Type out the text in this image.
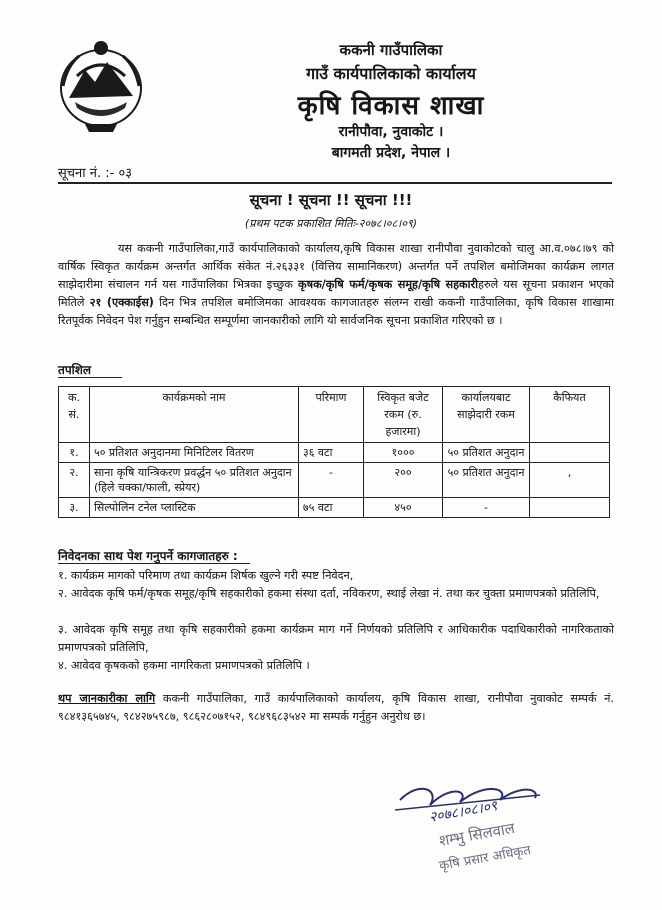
ककनी गाउँपालिका
गाउँ कार्यपालिकाको कार्यालय
कृषि विकास शाखा
रानीपौवा, नुवाकोट ।
बागमती प्रदेश, नेपाल ।
सूचना नं. :- ०३
सूचना ! सूचना !! सूचना !!!
(प्रथम पटक प्रकाशित मितिः-२०७८।०८।०९)
यस ककनी गाउँपालिका,गाउँ कार्यपालिकाको कार्यालय,कृषि विकास शाखा रानीपौवा नुवाकोटको चालु आ.व.०७८।७९ को वार्षिक स्विकृत कार्यक्रम अन्तर्गत आर्थिक संकेत नं.२६३३१ (वित्तिय सामानिकरण) अन्तर्गत पर्ने तपशिल बमोजिमका कार्यक्रम लागत साझेदारीमा संचालन गर्न यस गाउँपालिका भित्रका इच्छुक कृषक/कृषि फर्म/कृषक समूह/कृषि सहकारीहरुले यस सूचना प्रकाशन भएको मितिले २१ (एक्काईस) दिन भित्र तपशिल बमोजिमका आवश्यक कागजातहरु संलग्न राखी ककनी गाउँपालिका, कृषि विकास शाखामा रितपूर्वक निवेदन पेश गर्नुहुन सम्बन्धित सम्पूर्णमा जानकारीको लागि यो सार्वजनिक सूचना प्रकाशित गरिएको छ ।
तपशिल
क. सं.	कार्यक्रमको नाम	परिमाण	स्विकृत बजेट रकम (रु. हजारमा)	कार्यालयबाट साझेदारी रकम	कैफियत
१.	५० प्रतिशत अनुदानमा मिनिटिलर वितरण	३६ वटा	१०००	५० प्रतिशत अनुदान	
२.	साना कृषि यान्त्रिकरण प्रवर्द्धन ५० प्रतिशत अनुदान (हिले चक्का/फाली, स्प्रेयर)	-	२००	५० प्रतिशत अनुदान	,
३.	सिल्पोलिन टनेल प्लास्टिक	७५ वटा	४५०	-	
निवेदनका साथ पेश गनुपर्ने कागजातहरु :
१. कार्यक्रम मागको परिमाण तथा कार्यक्रम शिर्षक खुल्ने गरी स्पष्ट निवेदन,
२. आवेदक कृषि फर्म/कृषक समूह/कृषि सहकारीको हकमा संस्था दर्ता, नविकरण, स्थाई लेखा नं. तथा कर चुक्ता प्रमाणपत्रको प्रतिलिपि,
३. आवेदक कृषि समूह तथा कृषि सहकारीको हकमा कार्यक्रम माग गर्ने निर्णयको प्रतिलिपि र आधिकारीक पदाधिकारीको नागरिकताको प्रमाणपत्रको प्रतिलिपि,
४. आवेदव कृषकको हकमा नागरिकता प्रमाणपत्रको प्रतिलिपि ।
थप जानकारीका लागि ककनी गाउँपालिका, गाउँ कार्यपालिकाको कार्यालय, कृषि विकास शाखा, रानीपौवा नुवाकोट सम्पर्क नं. ९८४१३६५७४५, ९८४२७५९८७, ९८६२८०७१५२, ९८४९६८३५४२ मा सम्पर्क गर्नुहुन अनुरोध छ।
२०७८।०८।०९
शम्भु सिलवाल
कृषि प्रसार अधिकृत
